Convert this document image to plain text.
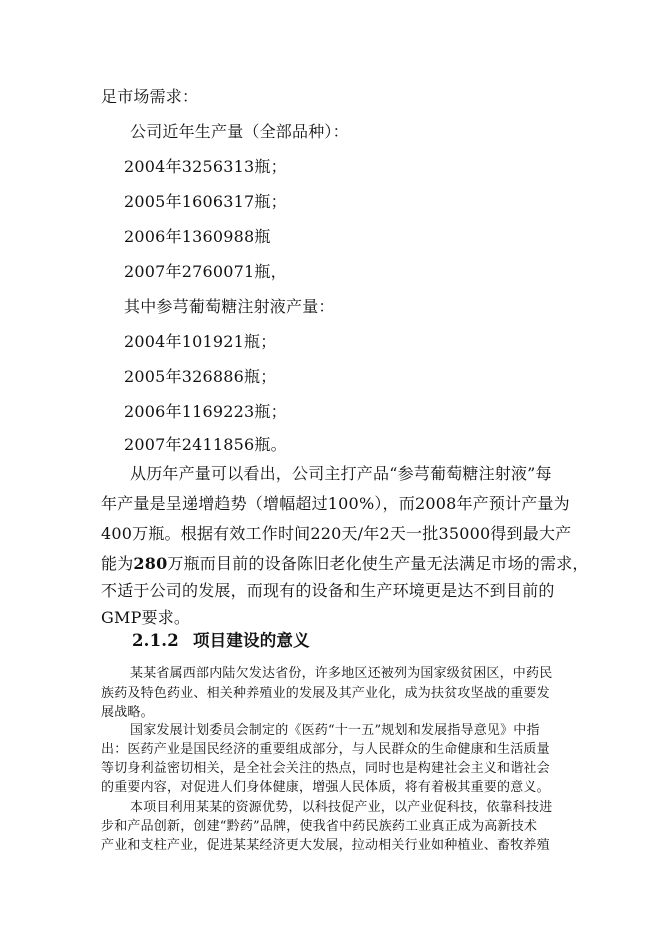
足市场需求：

公司近年生产量（全部品种）：

2004年3256313瓶；

2005年1606317瓶；

2006年1360988瓶

2007年2760071瓶，

其中参芎葡萄糖注射液产量：

2004年101921瓶；

2005年326886瓶；

2006年1169223瓶；

2007年2411856瓶。

从历年产量可以看出，公司主打产品“参芎葡萄糖注射液”每

年产量是呈递增趋势（增幅超过100%），而2008年产预计产量为

400万瓶。根据有效工作时间220天/年2天一批35000得到最大产

能为280万瓶而目前的设备陈旧老化使生产量无法满足市场的需求，

不适于公司的发展，而现有的设备和生产环境更是达不到目前的

GMP要求。

2.1.2 项目建设的意义

某某省属西部内陆欠发达省份，许多地区还被列为国家级贫困区，中药民

族药及特色药业、相关种养殖业的发展及其产业化，成为扶贫攻坚战的重要发

展战略。

国家发展计划委员会制定的《医药“十一五”规划和发展指导意见》中指

出：医药产业是国民经济的重要组成部分，与人民群众的生命健康和生活质量

等切身利益密切相关，是全社会关注的热点，同时也是构建社会主义和谐社会

的重要内容，对促进人们身体健康，增强人民体质，将有着极其重要的意义。

本项目利用某某的资源优势，以科技促产业，以产业促科技，依靠科技进

步和产品创新，创建“黔药”品牌，使我省中药民族药工业真正成为高新技术

产业和支柱产业，促进某某经济更大发展，拉动相关行业如种植业、畜牧养殖
